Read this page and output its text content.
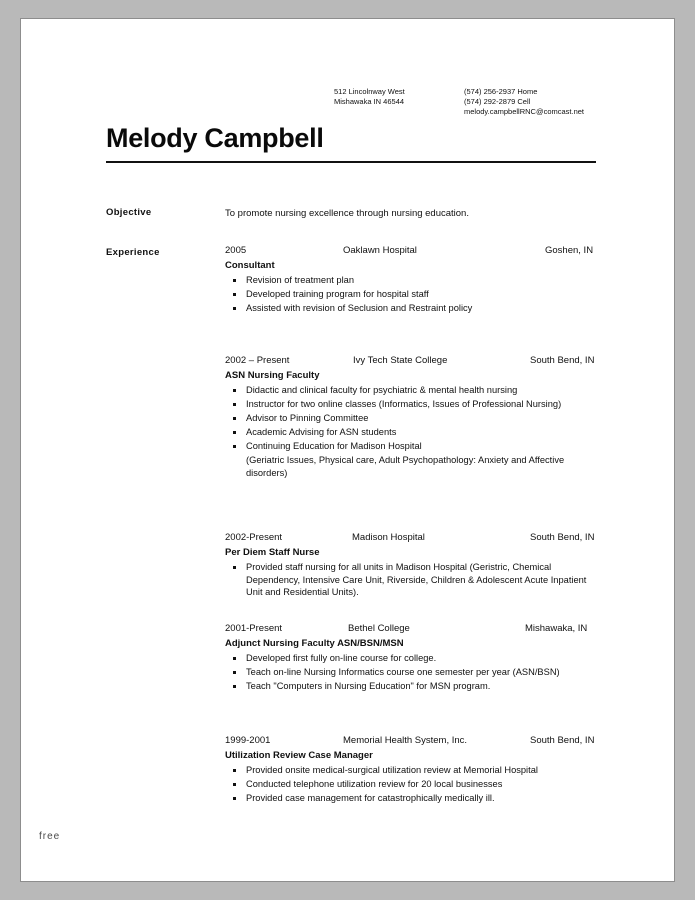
512 Lincolnway West
Mishawaka IN 46544
(574) 256-2937 Home
(574) 292-2879 Cell
melody.campbellRNC@comcast.net
Melody Campbell
Objective	To promote nursing excellence through nursing education.
Experience	2005	Oaklawn Hospital	Goshen, IN
Consultant
Revision of treatment plan
Developed training program for hospital staff
Assisted with revision of Seclusion and Restraint policy
2002 – Present	Ivy Tech State College	South Bend, IN
ASN Nursing Faculty
Didactic and clinical faculty for psychiatric & mental health nursing
Instructor for two online classes (Informatics, Issues of Professional Nursing)
Advisor to Pinning Committee
Academic Advising for ASN students
Continuing Education for Madison Hospital
(Geriatric Issues, Physical care, Adult Psychopathology: Anxiety and Affective disorders)
2002-Present	Madison Hospital	South Bend, IN
Per Diem Staff Nurse
Provided staff nursing for all units in Madison Hospital (Geristric, Chemical Dependency, Intensive Care Unit, Riverside, Children & Adolescent Acute Inpatient Unit and Residential Units).
2001-Present	Bethel College	Mishawaka, IN
Adjunct Nursing Faculty ASN/BSN/MSN
Developed first fully on-line course for college.
Teach on-line Nursing Informatics course one semester per year (ASN/BSN)
Teach "Computers in Nursing Education" for MSN program.
1999-2001	Memorial Health System, Inc.	South Bend, IN
Utilization Review Case Manager
Provided onsite medical-surgical utilization review at Memorial Hospital
Conducted telephone utilization review for 20 local businesses
Provided case management for catastrophically medically ill.
free
